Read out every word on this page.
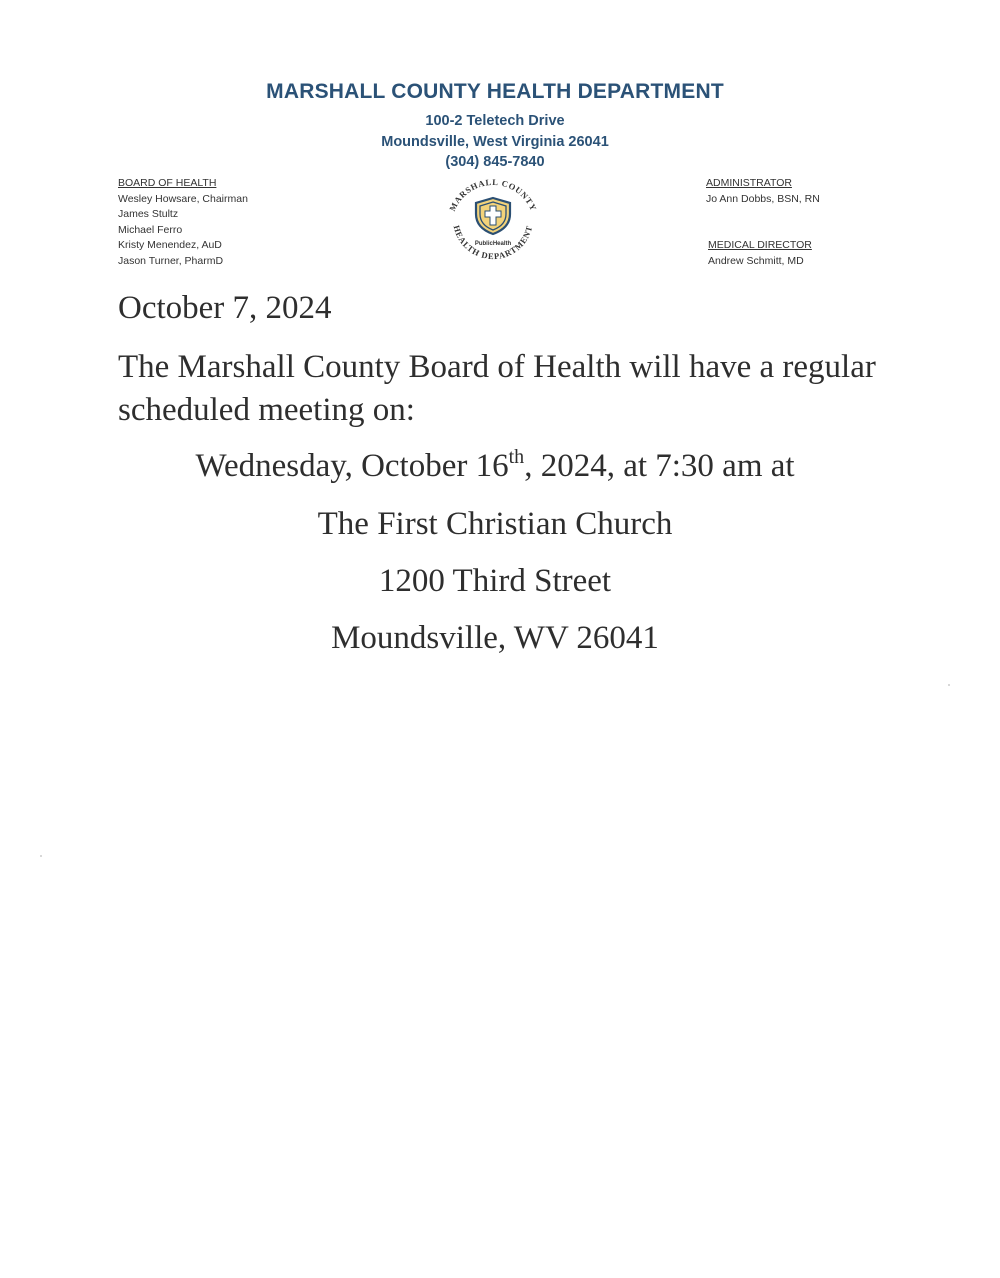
MARSHALL COUNTY HEALTH DEPARTMENT
100-2 Teletech Drive
Moundsville, West Virginia 26041
(304) 845-7840
BOARD OF HEALTH
Wesley Howsare, Chairman
James Stultz
Michael Ferro
Kristy Menendez, AuD
Jason Turner, PharmD
MARSHALL COUNTY
HEALTH DEPARTMENT
PublicHealth
ADMINISTRATOR
Jo Ann Dobbs, BSN, RN
MEDICAL DIRECTOR
Andrew Schmitt, MD
October 7, 2024
The Marshall County Board of Health will have a regular scheduled meeting on:
Wednesday, October 16th, 2024, at 7:30 am at
The First Christian Church
1200 Third Street
Moundsville, WV 26041
